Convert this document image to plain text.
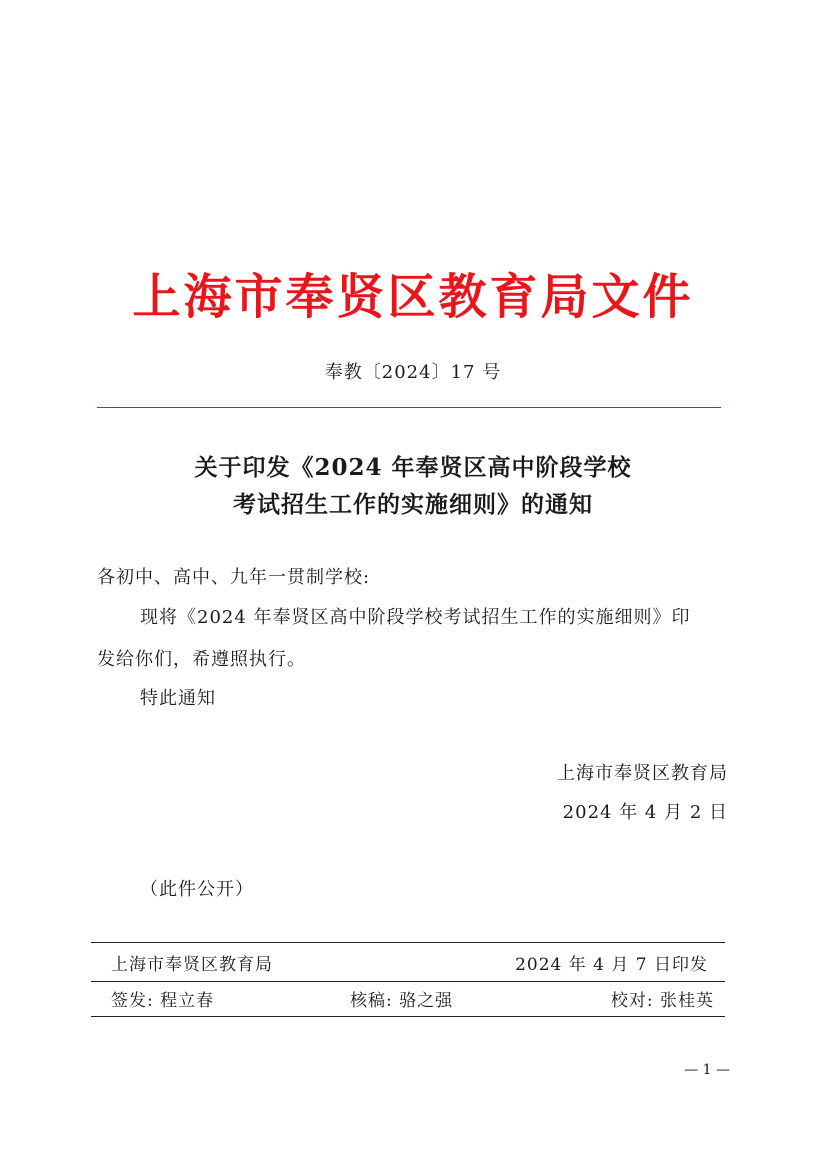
上海市奉贤区教育局文件
奉教〔2024〕17 号
关于印发《2024 年奉贤区高中阶段学校
考试招生工作的实施细则》的通知
各初中、高中、九年一贯制学校:
现将《2024 年奉贤区高中阶段学校考试招生工作的实施细则》印
发给你们，希遵照执行。
特此通知
上海市奉贤区教育局
2024 年 4 月 2 日
（此件公开）
上海市奉贤区教育局	2024 年 4 月 7 日印发
签发: 程立春	核稿: 骆之强	校对: 张桂英
— 1 —
